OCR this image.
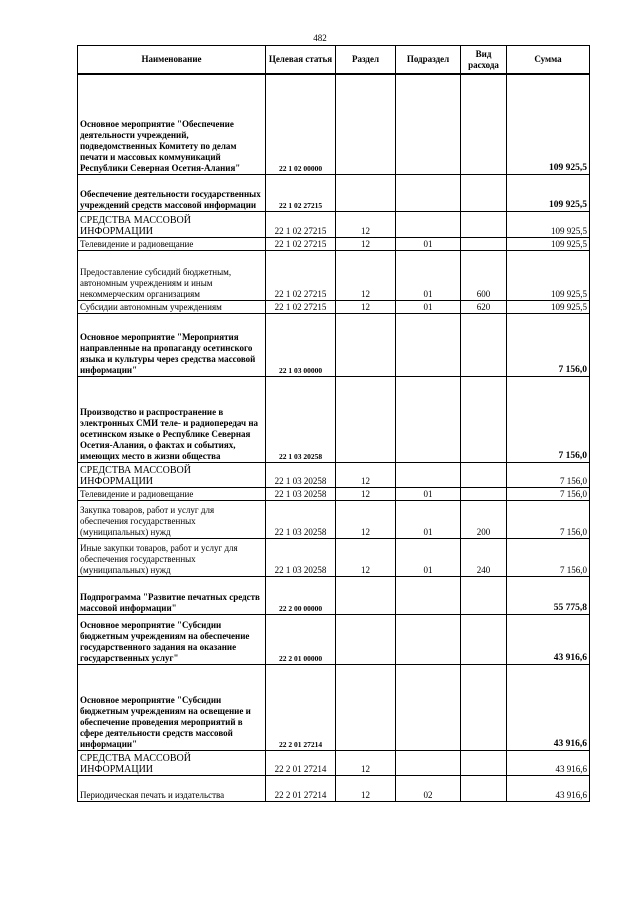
482
Наименование	Целевая статья	Раздел	Подраздел	Вид расхода	Сумма
Основное мероприятие "Обеспечение деятельности учреждений, подведомственных Комитету по делам печати и массовых коммуникаций Республики Северная Осетия-Алания"	22 1 02 00000				109 925,5
Обеспечение деятельности государственных учреждений средств массовой информации	22 1 02 27215				109 925,5
СРЕДСТВА МАССОВОЙ ИНФОРМАЦИИ	22 1 02 27215	12			109 925,5
Телевидение и радиовещание	22 1 02 27215	12	01		109 925,5
Предоставление субсидий бюджетным, автономным учреждениям и иным некоммерческим организациям	22 1 02 27215	12	01	600	109 925,5
Субсидии автономным учреждениям	22 1 02 27215	12	01	620	109 925,5
Основное мероприятие "Мероприятия направленные на пропаганду осетинского языка и культуры через средства массовой информации"	22 1 03 00000				7 156,0
Производство и распространение в электронных СМИ теле- и радиопередач на осетинском языке о Республике Северная Осетия-Алания, о фактах и событиях, имеющих место в жизни общества	22 1 03 20258				7 156,0
СРЕДСТВА МАССОВОЙ ИНФОРМАЦИИ	22 1 03 20258	12			7 156,0
Телевидение и радиовещание	22 1 03 20258	12	01		7 156,0
Закупка товаров, работ и услуг для обеспечения государственных (муниципальных) нужд	22 1 03 20258	12	01	200	7 156,0
Иные закупки товаров, работ и услуг для обеспечения государственных (муниципальных) нужд	22 1 03 20258	12	01	240	7 156,0
Подпрограмма "Развитие печатных средств массовой информации"	22 2 00 00000				55 775,8
Основное мероприятие "Субсидии бюджетным учреждениям на обеспечение государственного задания на оказание государственных услуг"	22 2 01 00000				43 916,6
Основное мероприятие "Субсидии бюджетным учреждениям на освещение и обеспечение проведения мероприятий в сфере деятельности средств массовой информации"	22 2 01 27214				43 916,6
СРЕДСТВА МАССОВОЙ ИНФОРМАЦИИ	22 2 01 27214	12			43 916,6
Периодическая печать и издательства	22 2 01 27214	12	02		43 916,6
